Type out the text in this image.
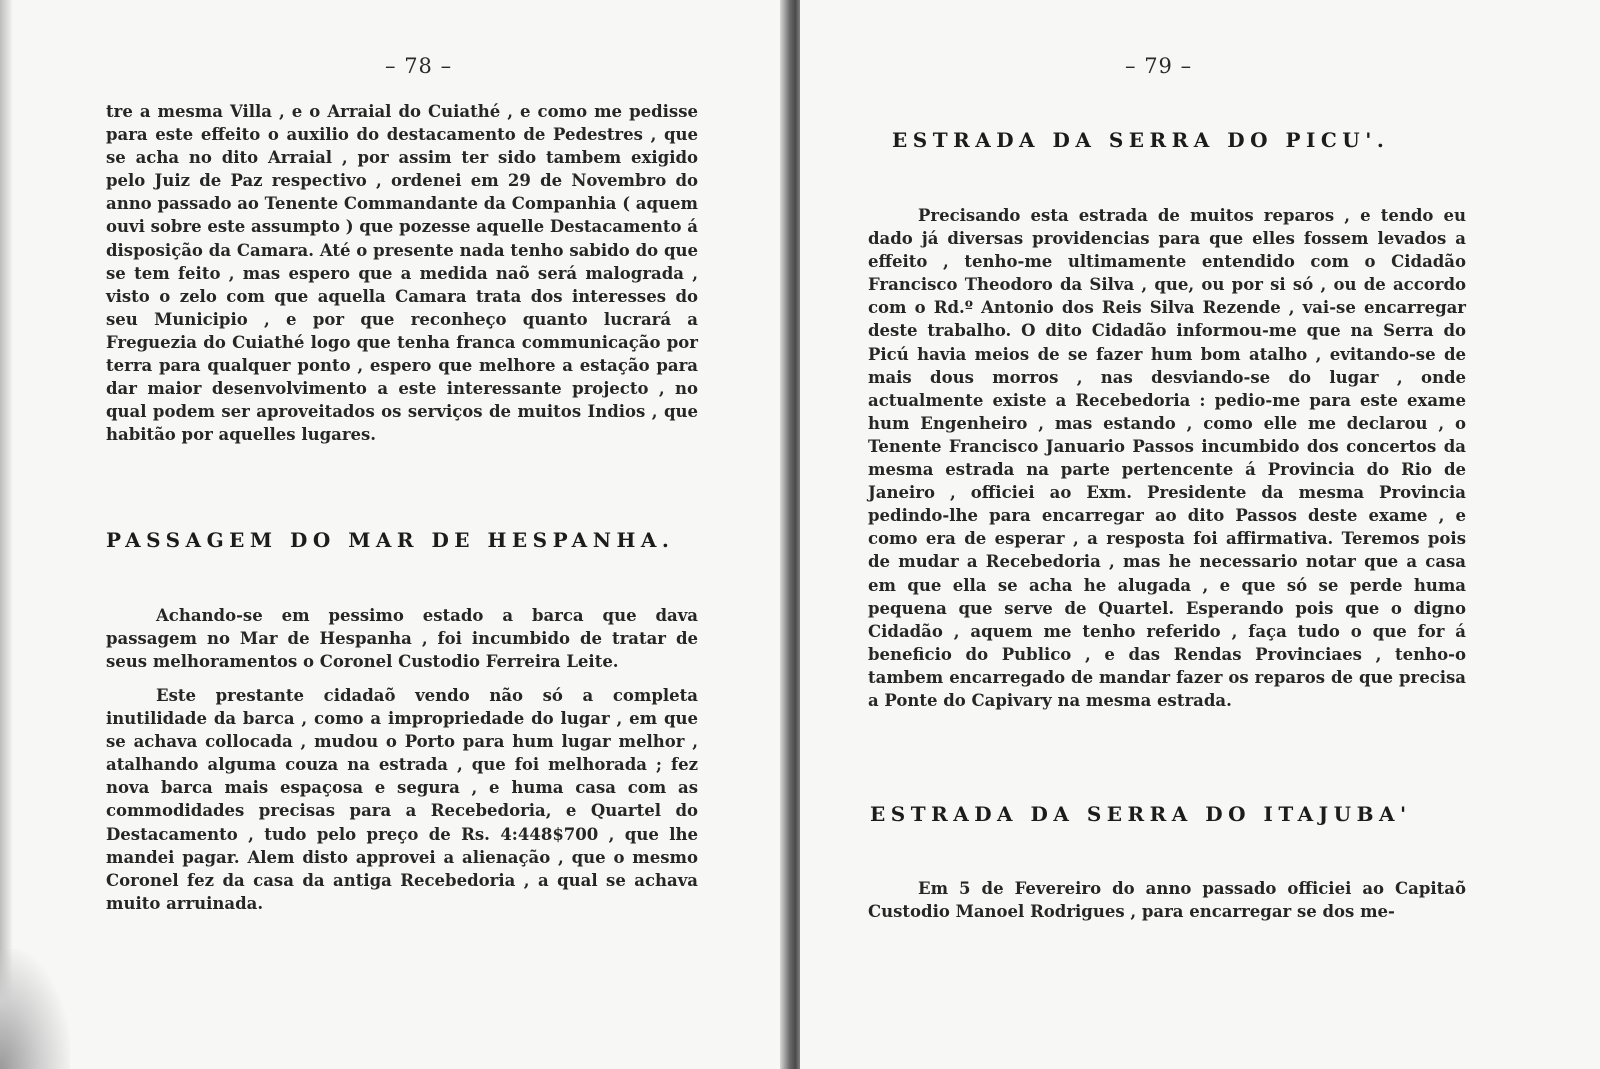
– 78 –

tre a mesma Villa , e o Arraial do Cuiathé , e como me pedisse para este effeito o auxilio do destacamento de Pedestres , que se acha no dito Arraial , por assim ter sido tambem exigido pelo Juiz de Paz respectivo , ordenei em 29 de Novembro do anno passado ao Tenente Commandante da Companhia ( aquem ouvi sobre este assumpto ) que pozesse aquelle Destacamento á disposição da Camara. Até o presente nada tenho sabido do que se tem feito , mas espero que a medida naõ será malograda , visto o zelo com que aquella Camara trata dos interesses do seu Municipio , e por que reconheço quanto lucrará a Freguezia do Cuiathé logo que tenha franca communicação por terra para qualquer ponto , espero que melhore a estação para dar maior desenvolvimento a este interessante projecto , no qual podem ser aproveitados os serviços de muitos Indios , que habitão por aquelles lugares.

PASSAGEM DO MAR DE HESPANHA.

Achando-se em pessimo estado a barca que dava passagem no Mar de Hespanha , foi incumbido de tratar de seus melhoramentos o Coronel Custodio Ferreira Leite.

Este prestante cidadaõ vendo não só a completa inutilidade da barca , como a impropriedade do lugar , em que se achava collocada , mudou o Porto para hum lugar melhor , atalhando alguma couza na estrada , que foi melhorada ; fez nova barca mais espaçosa e segura , e huma casa com as commodidades precisas para a Recebedoria, e Quartel do Destacamento , tudo pelo preço de Rs. 4:448$700 , que lhe mandei pagar. Alem disto approvei a alienação , que o mesmo Coronel fez da casa da antiga Recebedoria , a qual se achava muito arruinada.

– 79 –
ESTRADA DA SERRA DO PICU'.

Precisando esta estrada de muitos reparos , e tendo eu dado já diversas providencias para que elles fossem levados a effeito , tenho-me ultimamente entendido com o Cidadão Francisco Theodoro da Silva , que, ou por si só , ou de accordo com o Rd.º Antonio dos Reis Silva Rezende , vai-se encarregar deste trabalho. O dito Cidadão informou-me que na Serra do Picú havia meios de se fazer hum bom atalho , evitando-se de mais dous morros , nas desviando-se do lugar , onde actualmente existe a Recebedoria : pedio-me para este exame hum Engenheiro , mas estando , como elle me declarou , o Tenente Francisco Januario Passos incumbido dos concertos da mesma estrada na parte pertencente á Provincia do Rio de Janeiro , officiei ao Exm. Presidente da mesma Provincia pedindo-lhe para encarregar ao dito Passos deste exame , e como era de esperar , a resposta foi affirmativa. Teremos pois de mudar a Recebedoria , mas he necessario notar que a casa em que ella se acha he alugada , e que só se perde huma pequena que serve de Quartel. Esperando pois que o digno Cidadão , aquem me tenho referido , faça tudo o que for á beneficio do Publico , e das Rendas Provinciaes , tenho-o tambem encarregado de mandar fazer os reparos de que precisa a Ponte do Capivary na mesma estrada.

ESTRADA DA SERRA DO ITAJUBA'

Em 5 de Fevereiro do anno passado officiei ao Capitaõ Custodio Manoel Rodrigues , para encarregar se dos me-
